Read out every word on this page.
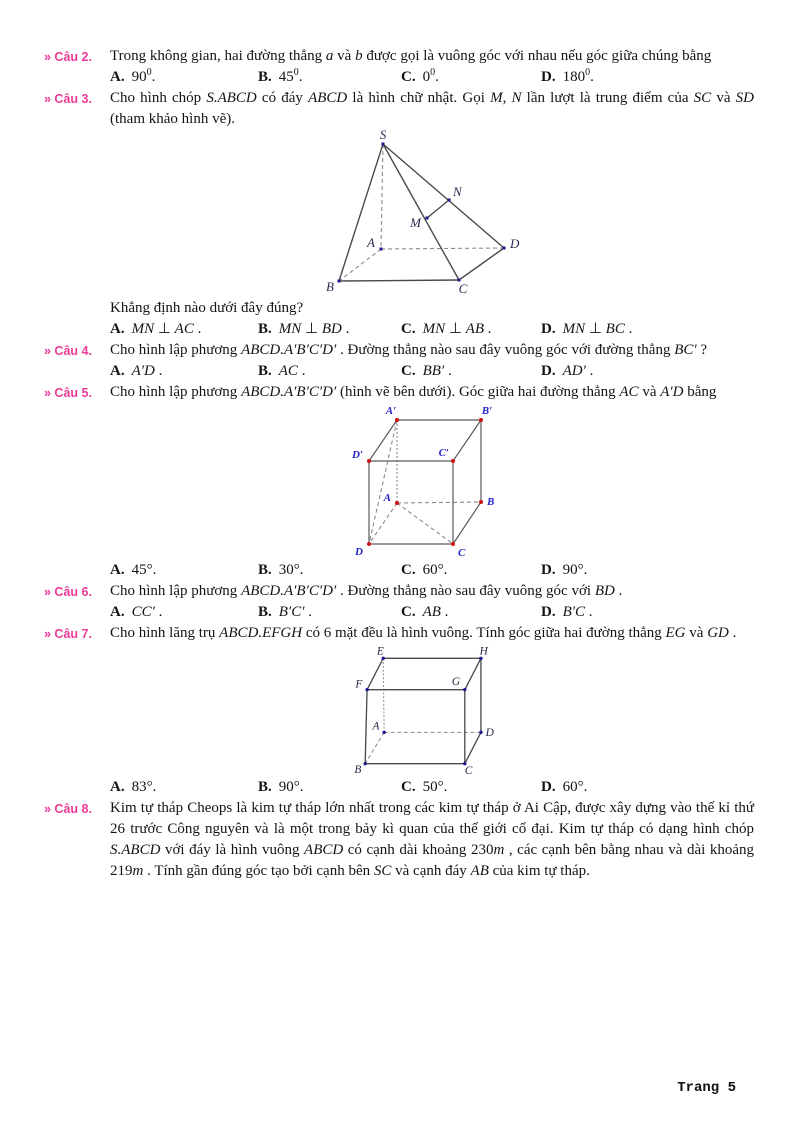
» Câu 2.	Trong không gian, hai đường thẳng a và b được gọi là vuông góc với nhau nếu góc giữa chúng bằng
A. $90^0$.	B. $45^0$.	C. $0^0$.	D. $180^0$.
» Câu 3.	Cho hình chóp S.ABCD có đáy ABCD là hình chữ nhật. Gọi M, N lần lượt là trung điểm của SC và SD (tham khảo hình vẽ).
S
N
M
A	D
B	C
Khẳng định nào dưới đây đúng?
A. MN ⊥ AC .	B. MN ⊥ BD .	C. MN ⊥ AB .	D. MN ⊥ BC .
» Câu 4.	Cho hình lập phương ABCD.A′B′C′D′ . Đường thẳng nào sau đây vuông góc với đường thẳng BC′ ?
A. A′D .	B. AC .	C. BB′ .	D. AD′ .
» Câu 5.	Cho hình lập phương ABCD.A′B′C′D′ (hình vẽ bên dưới). Góc giữa hai đường thẳng AC và A′D bằng
A′	B′
D′	C′
A	B
D	C
A. 45°.	B. 30°.	C. 60°.	D. 90°.
» Câu 6.	Cho hình lập phương ABCD.A′B′C′D′ . Đường thẳng nào sau đây vuông góc với BD .
A. CC′ .	B. B′C′ .	C. AB .	D. B′C .
» Câu 7.	Cho hình lăng trụ ABCD.EFGH có 6 mặt đều là hình vuông. Tính góc giữa hai đường thẳng EG và GD .
E	H
F	G
A
D
B	C
A. 83°.	B. 90°.	C. 50°.	D. 60°.
» Câu 8.	Kim tự tháp Cheops là kim tự tháp lớn nhất trong các kim tự tháp ở Ai Cập, được xây dựng vào thế kỉ thứ 26 trước Công nguyên và là một trong bảy kì quan của thế giới cổ đại. Kim tự tháp có dạng hình chóp S.ABCD với đáy là hình vuông ABCD có cạnh dài khoảng 230m , các cạnh bên bằng nhau và dài khoảng 219m . Tính gần đúng góc tạo bởi cạnh bên SC và cạnh đáy AB của kim tự tháp.
Trang 5
